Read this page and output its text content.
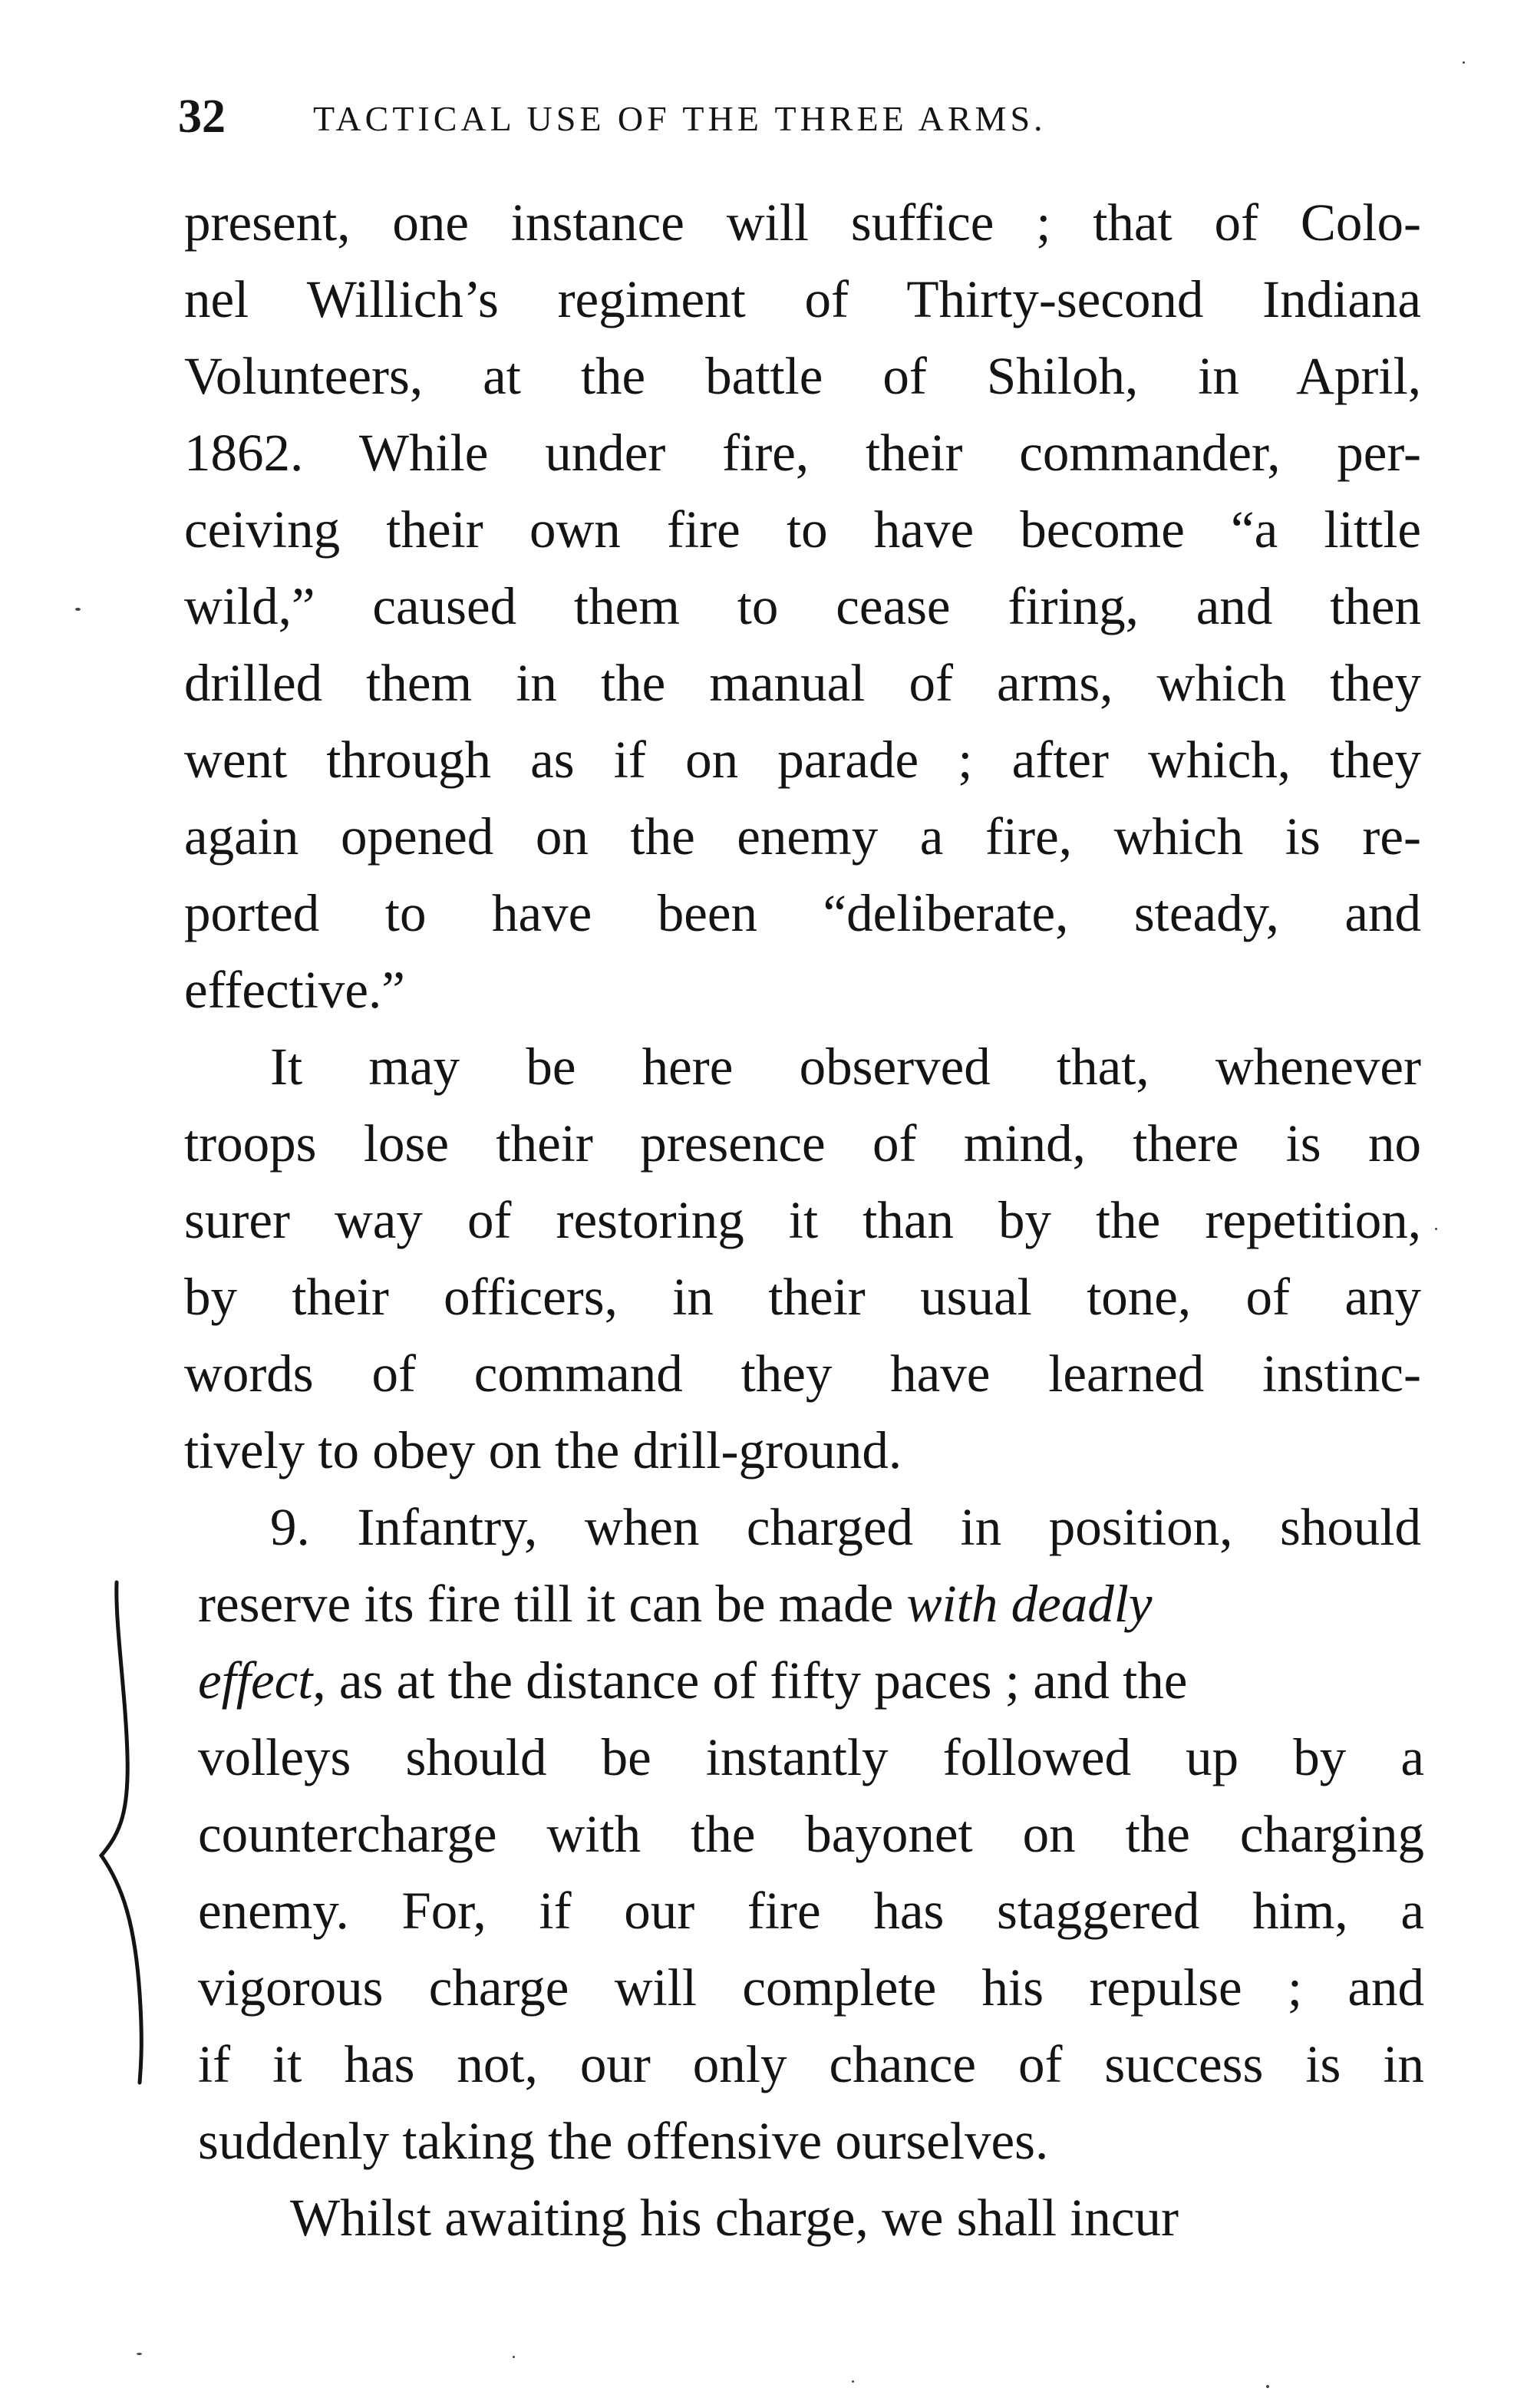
32 TACTICAL USE OF THE THREE ARMS.
present, one instance will suffice ; that of Colo-
nel Willich’s regiment of Thirty-second Indiana
Volunteers, at the battle of Shiloh, in April,
1862. While under fire, their commander, per-
ceiving their own fire to have become “a little
wild,” caused them to cease firing, and then
drilled them in the manual of arms, which they
went through as if on parade ; after which, they
again opened on the enemy a fire, which is re-
ported to have been “deliberate, steady, and
effective.”
It may be here observed that, whenever
troops lose their presence of mind, there is no
surer way of restoring it than by the repetition,
by their officers, in their usual tone, of any
words of command they have learned instinc-
tively to obey on the drill-ground.
9. Infantry, when charged in position, should
reserve its fire till it can be made with deadly
effect, as at the distance of fifty paces ; and the
volleys should be instantly followed up by a
countercharge with the bayonet on the charging
enemy. For, if our fire has staggered him, a
vigorous charge will complete his repulse ; and
if it has not, our only chance of success is in
suddenly taking the offensive ourselves.
Whilst awaiting his charge, we shall incur
